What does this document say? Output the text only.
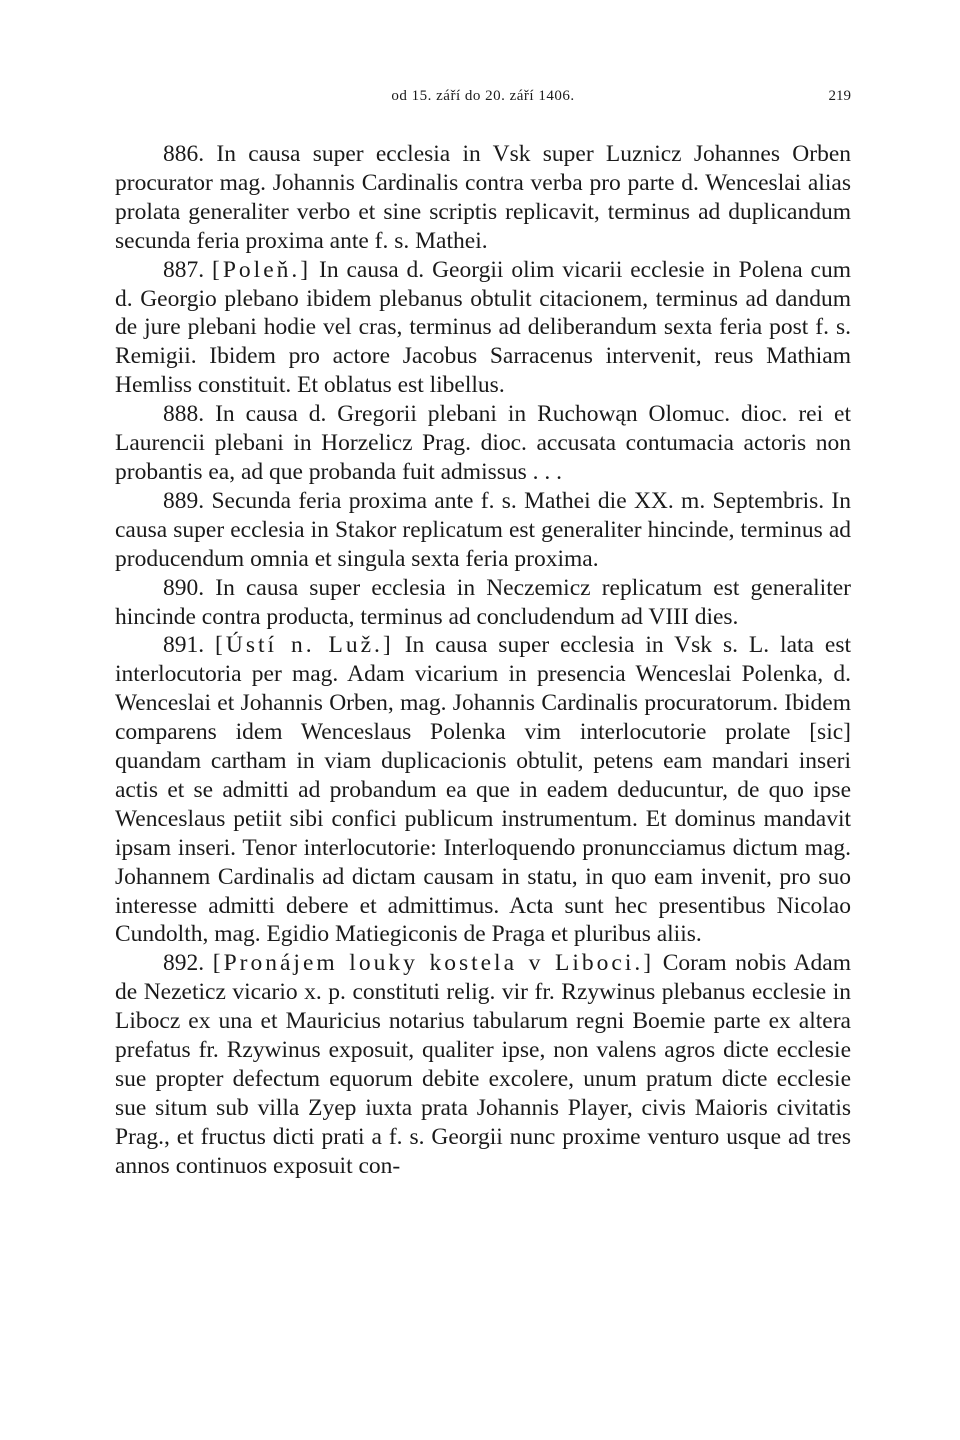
od 15. září do 20. září 1406.	219

886. In causa super ecclesia in Vsk super Luznicz Johannes Orben procurator mag. Johannis Cardinalis contra verba pro parte d. Wenceslai alias prolata generaliter verbo et sine scriptis replicavit, terminus ad duplicandum secunda feria proxima ante f. s. Mathei.

887. [Poleň.] In causa d. Georgii olim vicarii ecclesie in Polena cum d. Georgio plebano ibidem plebanus obtulit citacionem, terminus ad dandum de jure plebani hodie vel cras, terminus ad deliberandum sexta feria post f. s. Remigii. Ibidem pro actore Jacobus Sarracenus intervenit, reus Mathiam Hemliss constituit. Et oblatus est libellus.

888. In causa d. Gregorii plebani in Ruchowąn Olomuc. dioc. rei et Laurencii plebani in Horzelicz Prag. dioc. accusata contumacia actoris non probantis ea, ad que probanda fuit admissus . . .

889. Secunda feria proxima ante f. s. Mathei die XX. m. Septembris. In causa super ecclesia in Stakor replicatum est generaliter hincinde, terminus ad producendum omnia et singula sexta feria proxima.

890. In causa super ecclesia in Neczemicz replicatum est generaliter hincinde contra producta, terminus ad concludendum ad VIII dies.

891. [Ústí n. Luž.] In causa super ecclesia in Vsk s. L. lata est interlocutoria per mag. Adam vicarium in presencia Wenceslai Polenka, d. Wenceslai et Johannis Orben, mag. Johannis Cardinalis procuratorum. Ibidem comparens idem Wenceslaus Polenka vim interlocutorie prolate [sic] quandam cartham in viam duplicacionis obtulit, petens eam mandari inseri actis et se admitti ad probandum ea que in eadem deducuntur, de quo ipse Wenceslaus petiit sibi confici publicum instrumentum. Et dominus mandavit ipsam inseri. Tenor interlocutorie: Interloquendo pronuncciamus dictum mag. Johannem Cardinalis ad dictam causam in statu, in quo eam invenit, pro suo interesse admitti debere et admittimus. Acta sunt hec presentibus Nicolao Cundolth, mag. Egidio Matiegiconis de Praga et pluribus aliis.

892. [Pronájem louky kostela v Liboci.] Coram nobis Adam de Nezeticz vicario x. p. constituti relig. vir fr. Rzywinus plebanus ecclesie in Libocz ex una et Mauricius notarius tabularum regni Boemie parte ex altera prefatus fr. Rzywinus exposuit, qualiter ipse, non valens agros dicte ecclesie sue propter defectum equorum debite excolere, unum pratum dicte ecclesie sue situm sub villa Zyep iuxta prata Johannis Player, civis Maioris civitatis Prag., et fructus dicti prati a f. s. Georgii nunc proxime venturo usque ad tres annos continuos exposuit con-
